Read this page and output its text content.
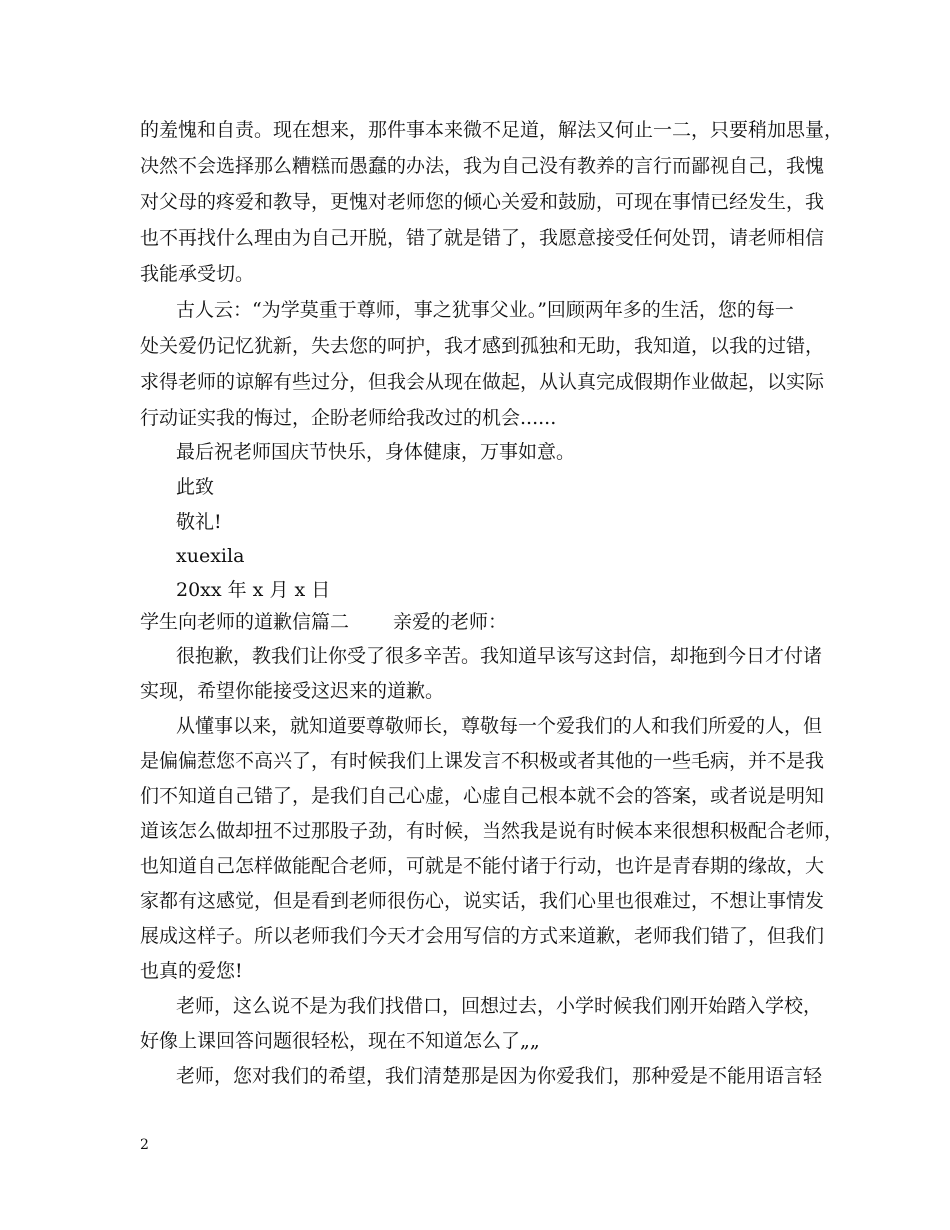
的羞愧和自责。现在想来，那件事本来微不足道，解法又何止一二，只要稍加思量，
决然不会选择那么糟糕而愚蠢的办法，我为自己没有教养的言行而鄙视自己，我愧
对父母的疼爱和教导，更愧对老师您的倾心关爱和鼓励，可现在事情已经发生，我
也不再找什么理由为自己开脱，错了就是错了，我愿意接受任何处罚，请老师相信
我能承受切。
古人云：“为学莫重于尊师，事之犹事父业。”回顾两年多的生活，您的每一
处关爱仍记忆犹新，失去您的呵护，我才感到孤独和无助，我知道，以我的过错，
求得老师的谅解有些过分，但我会从现在做起，从认真完成假期作业做起，以实际
行动证实我的悔过，企盼老师给我改过的机会......
最后祝老师国庆节快乐，身体健康，万事如意。
此致
敬礼!
xuexila
20xx 年 x 月 x 日
学生向老师的道歉信篇二 亲爱的老师：
很抱歉，教我们让你受了很多辛苦。我知道早该写这封信，却拖到今日才付诸
实现，希望你能接受这迟来的道歉。
从懂事以来，就知道要尊敬师长，尊敬每一个爱我们的人和我们所爱的人，但
是偏偏惹您不高兴了，有时候我们上课发言不积极或者其他的一些毛病，并不是我
们不知道自己错了，是我们自己心虚，心虚自己根本就不会的答案，或者说是明知
道该怎么做却扭不过那股子劲，有时候，当然我是说有时候本来很想积极配合老师，
也知道自己怎样做能配合老师，可就是不能付诸于行动，也许是青春期的缘故，大
家都有这感觉，但是看到老师很伤心，说实话，我们心里也很难过，不想让事情发
展成这样子。所以老师我们今天才会用写信的方式来道歉，老师我们错了，但我们
也真的爱您!
老师，这么说不是为我们找借口，回想过去，小学时候我们刚开始踏入学校，
好像上课回答问题很轻松，现在不知道怎么了„„
老师，您对我们的希望，我们清楚那是因为你爱我们，那种爱是不能用语言轻
2
